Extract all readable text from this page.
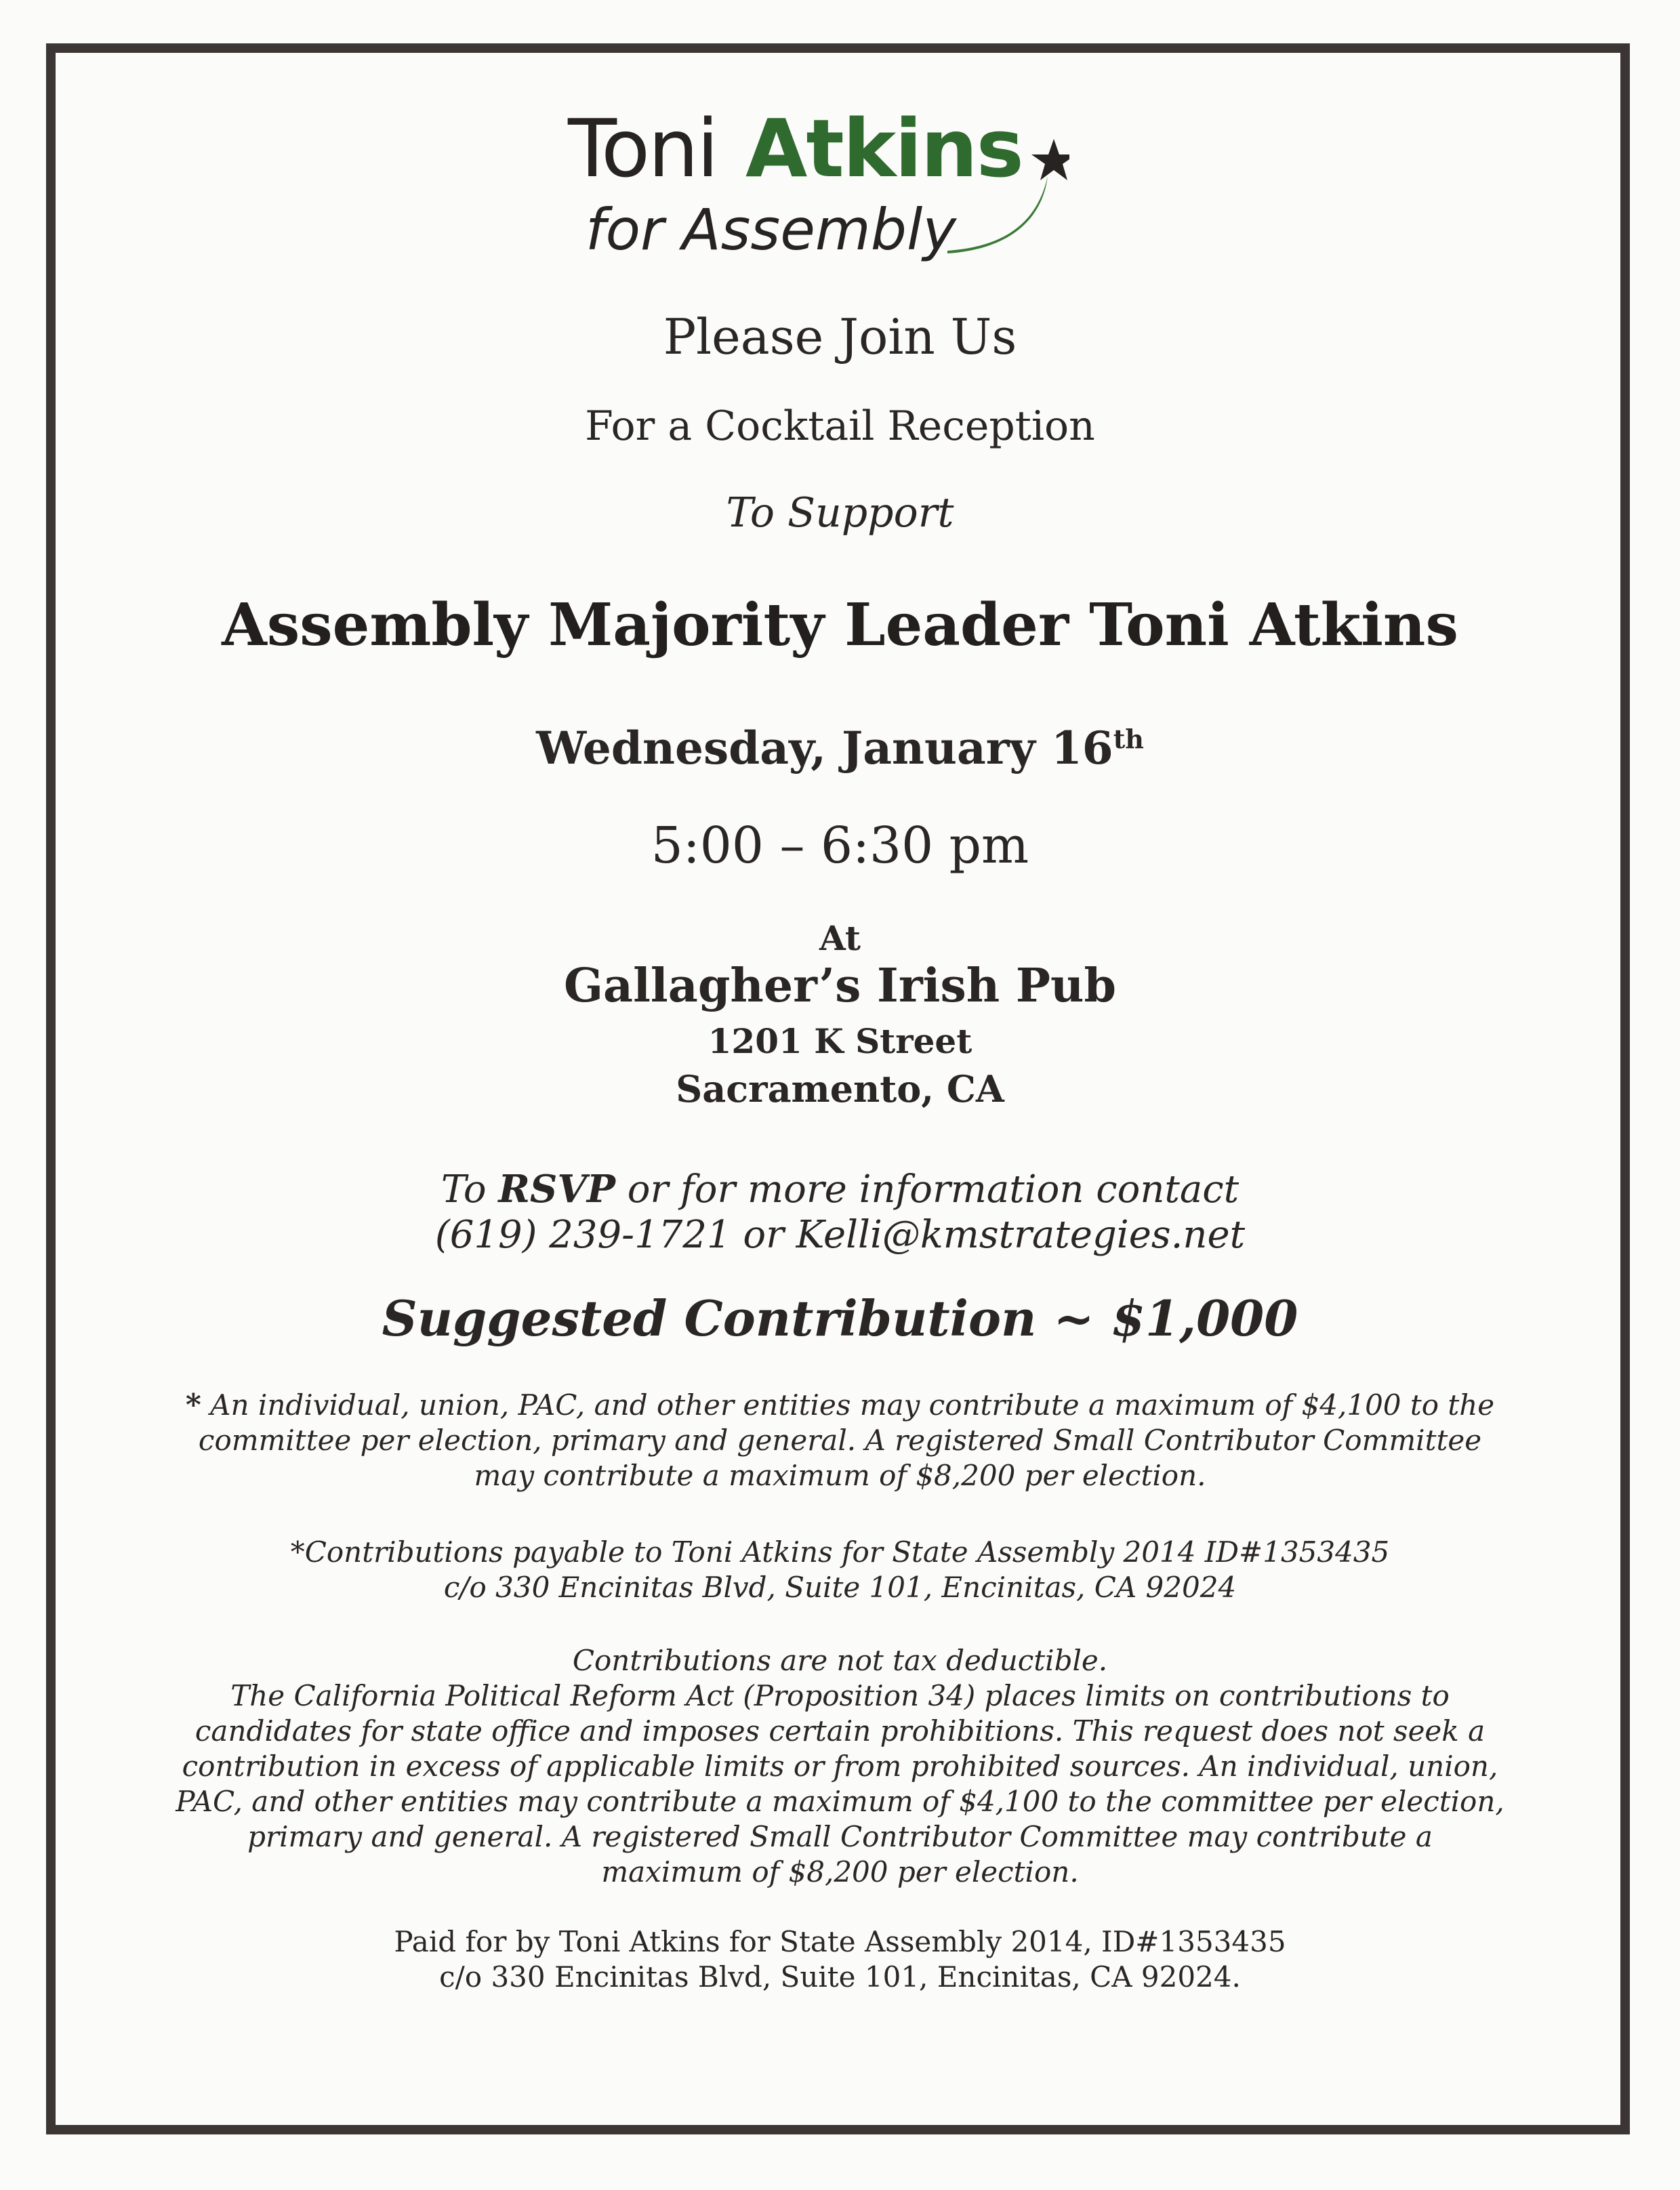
Toni Atkins
for Assembly
Please Join Us
For a Cocktail Reception
To Support
Assembly Majority Leader Toni Atkins
Wednesday, January 16th
5:00 – 6:30 pm
At
Gallagher’s Irish Pub
1201 K Street
Sacramento, CA
To RSVP or for more information contact
(619) 239-1721 or Kelli@kmstrategies.net
Suggested Contribution ~ $1,000
* An individual, union, PAC, and other entities may contribute a maximum of $4,100 to the
committee per election, primary and general. A registered Small Contributor Committee
may contribute a maximum of $8,200 per election.
*Contributions payable to Toni Atkins for State Assembly 2014 ID#1353435
c/o 330 Encinitas Blvd, Suite 101, Encinitas, CA 92024
Contributions are not tax deductible.
The California Political Reform Act (Proposition 34) places limits on contributions to
candidates for state office and imposes certain prohibitions. This request does not seek a
contribution in excess of applicable limits or from prohibited sources. An individual, union,
PAC, and other entities may contribute a maximum of $4,100 to the committee per election,
primary and general. A registered Small Contributor Committee may contribute a
maximum of $8,200 per election.
Paid for by Toni Atkins for State Assembly 2014, ID#1353435
c/o 330 Encinitas Blvd, Suite 101, Encinitas, CA 92024.
